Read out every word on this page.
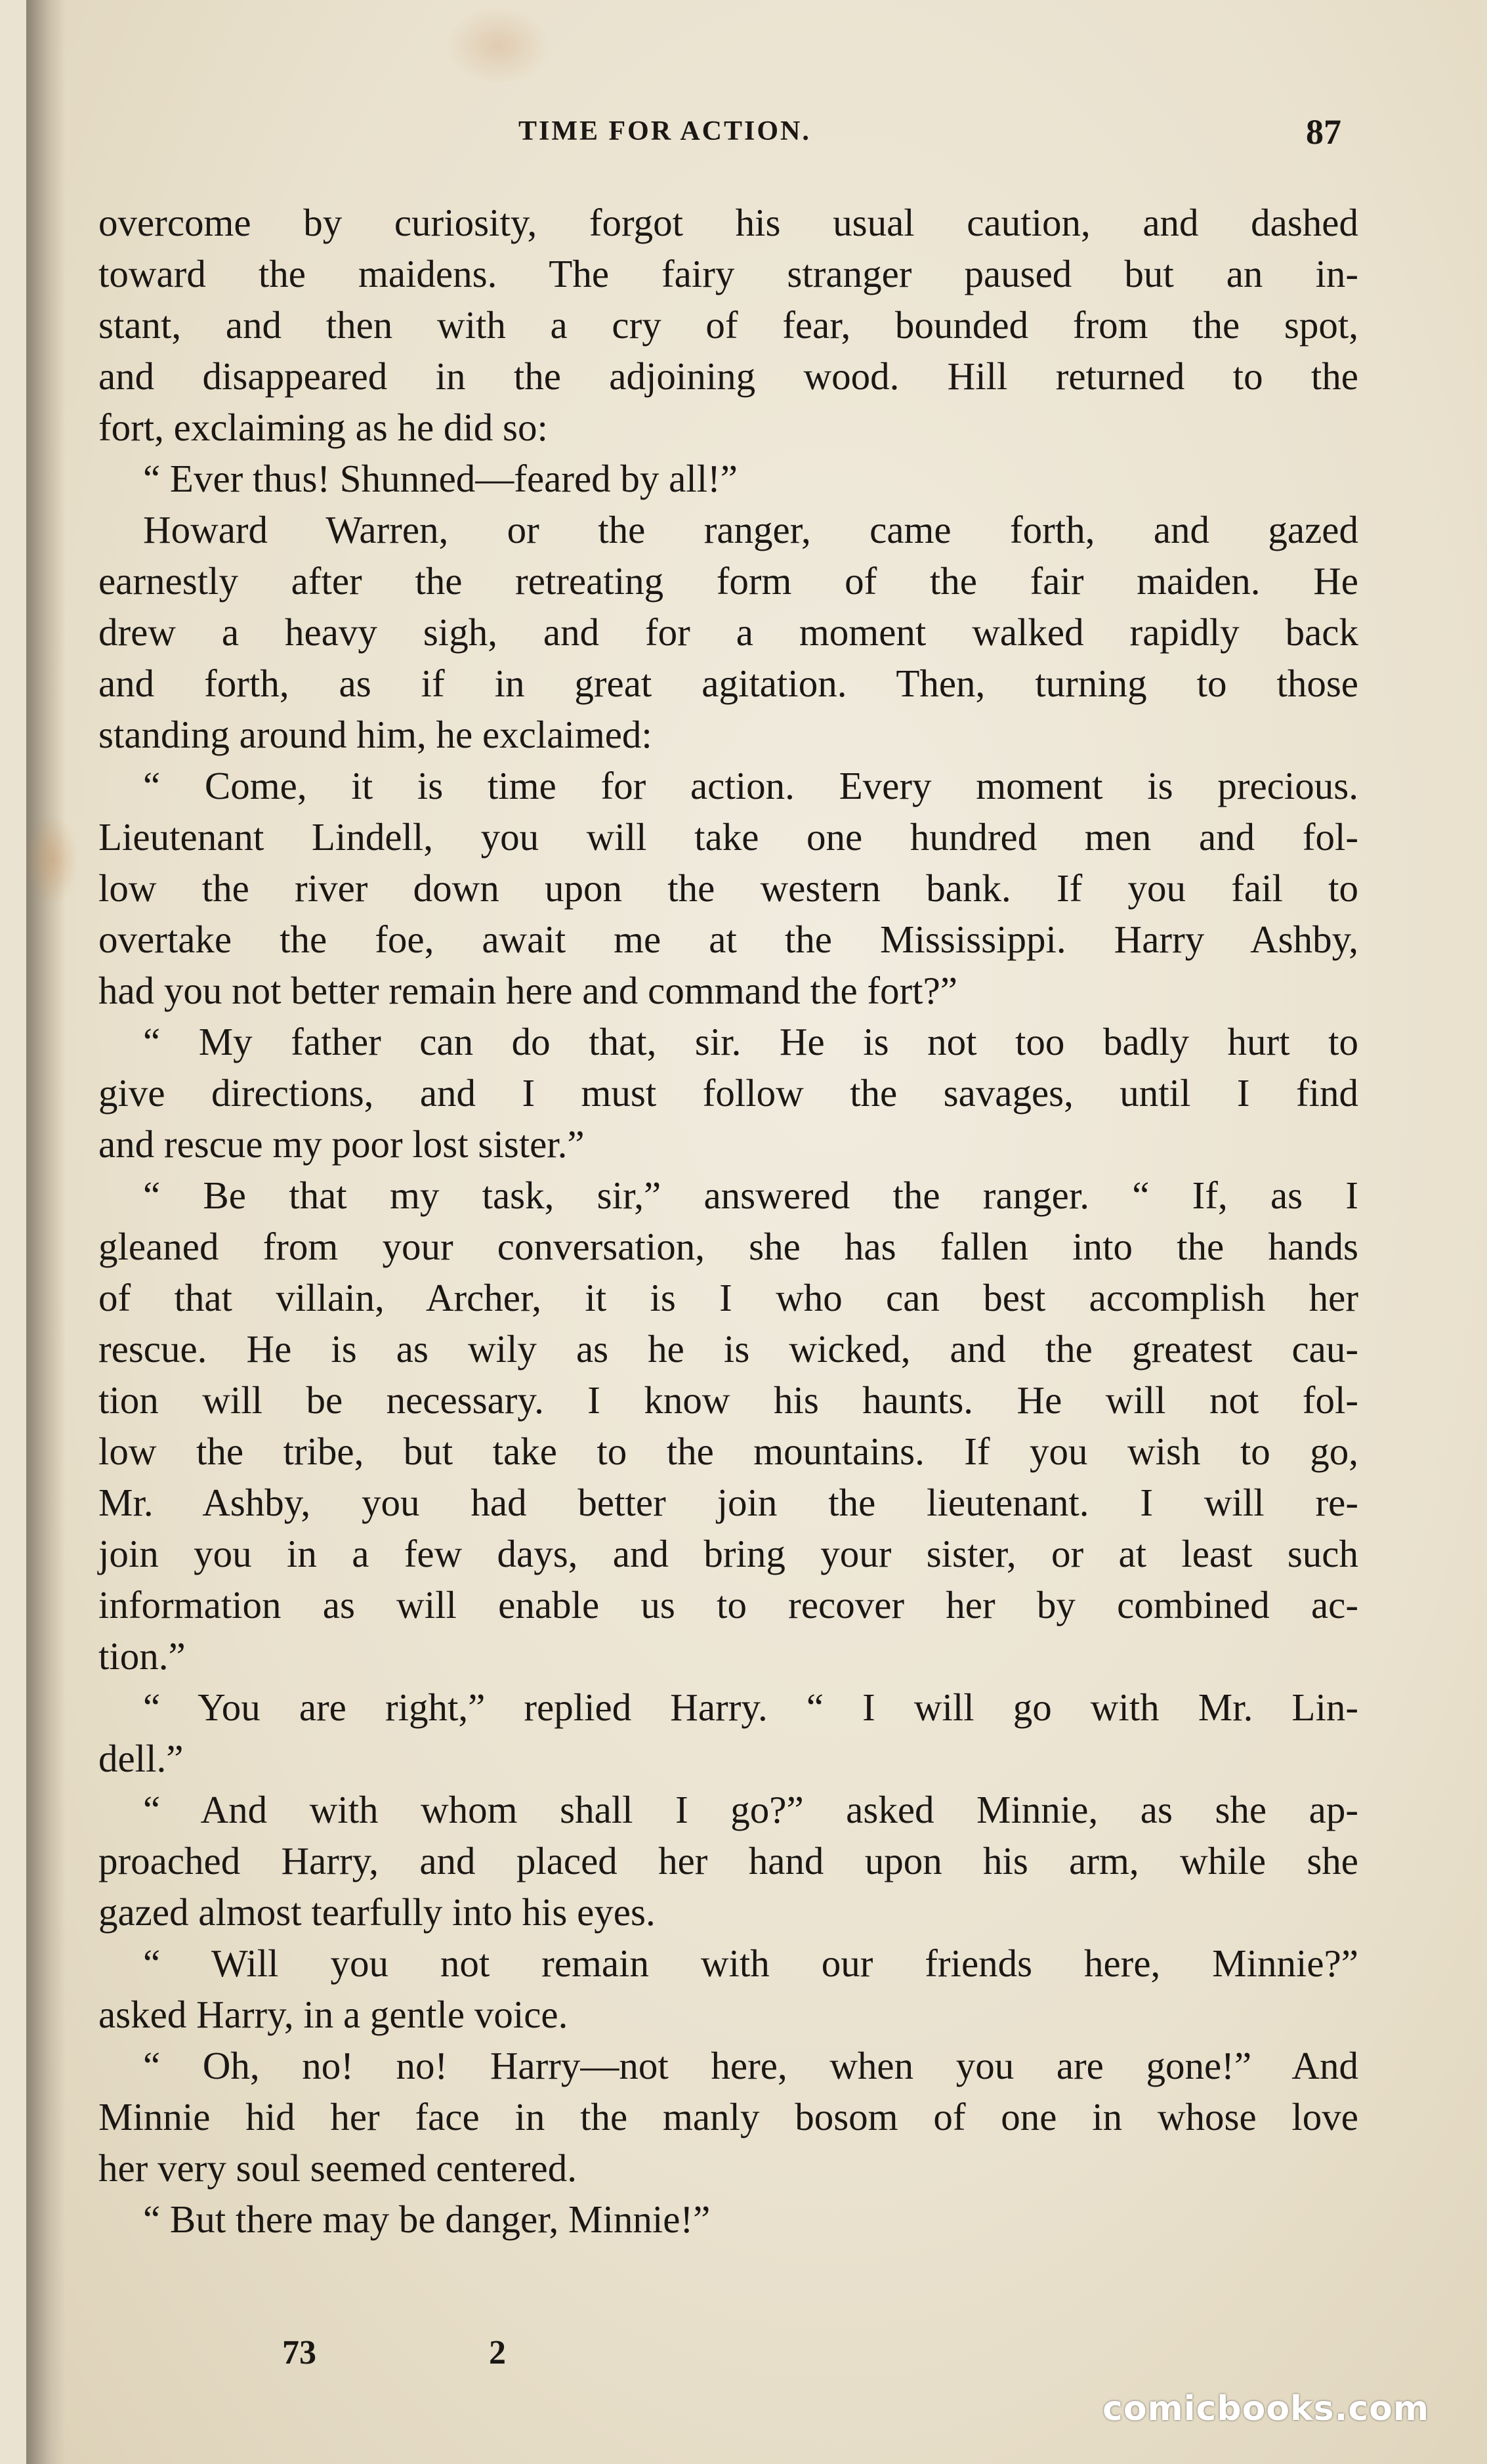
TIME FOR ACTION.	87
overcome by curiosity, forgot his usual caution, and dashed
toward the maidens. The fairy stranger paused but an in-
stant, and then with a cry of fear, bounded from the spot,
and disappeared in the adjoining wood. Hill returned to the
fort, exclaiming as he did so:
“ Ever thus! Shunned—feared by all!”
Howard Warren, or the ranger, came forth, and gazed
earnestly after the retreating form of the fair maiden. He
drew a heavy sigh, and for a moment walked rapidly back
and forth, as if in great agitation. Then, turning to those
standing around him, he exclaimed:
“ Come, it is time for action. Every moment is precious.
Lieutenant Lindell, you will take one hundred men and fol-
low the river down upon the western bank. If you fail to
overtake the foe, await me at the Mississippi. Harry Ashby,
had you not better remain here and command the fort?”
“ My father can do that, sir. He is not too badly hurt to
give directions, and I must follow the savages, until I find
and rescue my poor lost sister.”
“ Be that my task, sir,” answered the ranger. “ If, as I
gleaned from your conversation, she has fallen into the hands
of that villain, Archer, it is I who can best accomplish her
rescue. He is as wily as he is wicked, and the greatest cau-
tion will be necessary. I know his haunts. He will not fol-
low the tribe, but take to the mountains. If you wish to go,
Mr. Ashby, you had better join the lieutenant. I will re-
join you in a few days, and bring your sister, or at least such
information as will enable us to recover her by combined ac-
tion.”
“ You are right,” replied Harry. “ I will go with Mr. Lin-
dell.”
“ And with whom shall I go?” asked Minnie, as she ap-
proached Harry, and placed her hand upon his arm, while she
gazed almost tearfully into his eyes.
“ Will you not remain with our friends here, Minnie?”
asked Harry, in a gentle voice.
“ Oh, no! no! Harry—not here, when you are gone!” And
Minnie hid her face in the manly bosom of one in whose love
her very soul seemed centered.
“ But there may be danger, Minnie!”
73	2
comicbooks.com
